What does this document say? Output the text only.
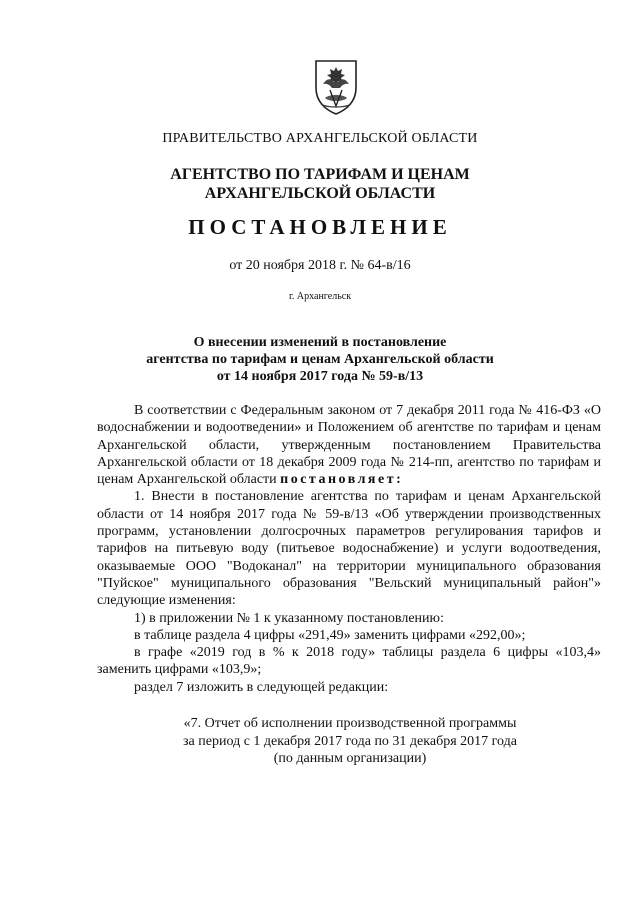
ПРАВИТЕЛЬСТВО АРХАНГЕЛЬСКОЙ ОБЛАСТИ
АГЕНТСТВО ПО ТАРИФАМ И ЦЕНАМ
АРХАНГЕЛЬСКОЙ ОБЛАСТИ
ПОСТАНОВЛЕНИЕ
от 20 ноября 2018 г. № 64-в/16
г. Архангельск
О внесении изменений в постановление
агентства по тарифам и ценам Архангельской области
от 14 ноября 2017 года № 59-в/13

В соответствии с Федеральным законом от 7 декабря 2011 года № 416-ФЗ «О водоснабжении и водоотведении» и Положением об агентстве по тарифам и ценам Архангельской области, утвержденным постановлением Правительства Архангельской области от 18 декабря 2009 года № 214-пп, агентство по тарифам и ценам Архангельской области постановляет:

1. Внести в постановление агентства по тарифам и ценам Архангельской области от 14 ноября 2017 года № 59-в/13 «Об утверждении производственных программ, установлении долгосрочных параметров регулирования тарифов и тарифов на питьевую воду (питьевое водоснабжение) и услуги водоотведения, оказываемые ООО "Водоканал" на территории муниципального образования "Пуйское" муниципального образования "Вельский муниципальный район"» следующие изменения:

1) в приложении № 1 к указанному постановлению:

в таблице раздела 4 цифры «291,49» заменить цифрами «292,00»;

в графе «2019 год в % к 2018 году» таблицы раздела 6 цифры «103,4» заменить цифрами «103,9»;

раздел 7 изложить в следующей редакции:

«7. Отчет об исполнении производственной программы
за период с 1 декабря 2017 года по 31 декабря 2017 года
(по данным организации)
